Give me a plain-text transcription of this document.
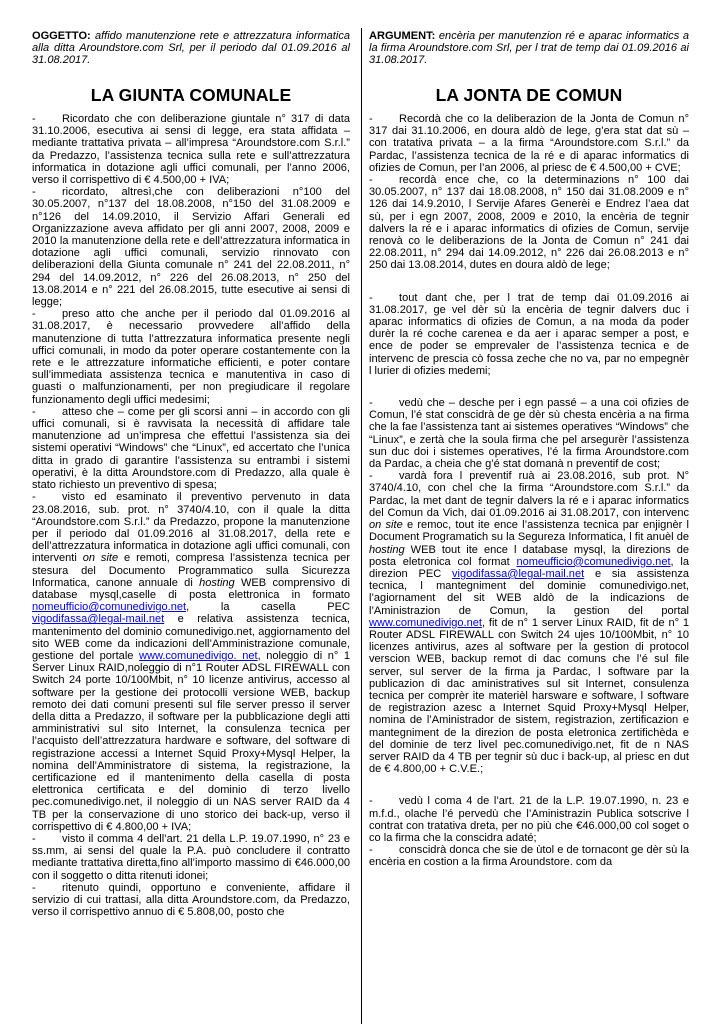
OGGETTO: affido manutenzione rete e attrezzatura informatica alla ditta Aroundstore.com Srl, per il periodo dal 01.09.2016 al 31.08.2017.
LA GIUNTA COMUNALE

- Ricordato che con deliberazione giuntale n° 317 di data 31.10.2006, esecutiva ai sensi di legge, era stata affidata – mediante trattativa privata – all’impresa “Aroundstore.com S.r.l.” da Predazzo, l’assistenza tecnica sulla rete e sull’attrezzatura informatica in dotazione agli uffici comunali, per l’anno 2006, verso il corrispettivo di € 4.500,00 + IVA;

- ricordato, altresì,che con deliberazioni n°100 del 30.05.2007, n°137 del 18.08.2008, n°150 del 31.08.2009 e n°126 del 14.09.2010, il Servizio Affari Generali ed Organizzazione aveva affidato per gli anni 2007, 2008, 2009 e 2010 la manutenzione della rete e dell’attrezzatura informatica in dotazione agli uffici comunali, servizio rinnovato con deliberazioni della Giunta comunale n° 241 del 22.08.2011, n° 294 del 14.09.2012, n° 226 del 26.08.2013, n° 250 del 13.08.2014 e n° 221 del 26.08.2015, tutte esecutive ai sensi di legge;

- preso atto che anche per il periodo dal 01.09.2016 al 31.08.2017, è necessario provvedere all’affido della manutenzione di tutta l’attrezzatura informatica presente negli uffici comunali, in modo da poter operare costantemente con la rete e le attrezzature informatiche efficienti, e poter contare sull’immediata assistenza tecnica e manutentiva in caso di guasti o malfunzionamenti, per non pregiudicare il regolare funzionamento degli uffici medesimi;

- atteso che – come per gli scorsi anni – in accordo con gli uffici comunali, si è ravvisata la necessità di affidare tale manutenzione ad un’impresa che effettui l’assistenza sia dei sistemi operativi “Windows” che “Linux”, ed accertato che l’unica ditta in grado di garantire l’assistenza su entrambi i sistemi operativi, è la ditta Aroundstore.com di Predazzo, alla quale è stato richiesto un preventivo di spesa;

- visto ed esaminato il preventivo pervenuto in data 23.08.2016, sub. prot. n° 3740/4.10, con il quale la ditta “Aroundstore.com S.r.l.” da Predazzo, propone la manutenzione per il periodo dal 01.09.2016 al 31.08.2017, della rete e dell’attrezzatura informatica in dotazione agli uffici comunali, con interventi on site e remoti, compresa l’assistenza tecnica per stesura del Documento Programmatico sulla Sicurezza Informatica, canone annuale di hosting WEB comprensivo di database mysql,caselle di posta elettronica in formato nomeufficio@comunedivigo.net, la casella PEC vigodifassa@legal-mail.net e relativa assistenza tecnica, mantenimento del dominio comunedivigo.net, aggiornamento del sito WEB come da indicazioni dell’Amministrazione comunale, gestione del portale www.comunedivigo. net, noleggio di n° 1 Server Linux RAID,noleggio di n°1 Router ADSL FIREWALL con Switch 24 porte 10/100Mbit, n° 10 licenze antivirus, accesso al software per la gestione dei protocolli versione WEB, backup remoto dei dati comuni presenti sul file server presso il server della ditta a Predazzo, il software per la pubblicazione degli atti amministrativi sul sito Internet, la consulenza tecnica per l’acquisto dell’attrezzatura hardware e software, del software di registrazione accessi a Internet Squid Proxy+Mysql Helper, la nomina dell’Amministratore di sistema, la registrazione, la certificazione ed il mantenimento della casella di posta elettronica certificata e del dominio di terzo livello pec.comunedivigo.net, il noleggio di un NAS server RAID da 4 TB per la conservazione di uno storico dei back-up, verso il corrispettivo di € 4.800,00 + IVA;

- visto il comma 4 dell’art. 21 della L.P. 19.07.1990, n° 23 e ss.mm, ai sensi del quale la P.A. può concludere il contratto mediante trattativa diretta,fino all’importo massimo di €46.000,00 con il soggetto o ditta ritenuti idonei;

- ritenuto quindi, opportuno e conveniente, affidare il servizio di cui trattasi, alla ditta Aroundstore.com, da Predazzo, verso il corrispettivo annuo di € 5.808,00, posto che

ARGUMENT: encèria per manutenzion ré e aparac informatics a la firma Aroundstore.com Srl, per l trat de temp dai 01.09.2016 ai 31.08.2017.
LA JONTA DE COMUN

- Recordà che co la deliberazion de la Jonta de Comun n° 317 dai 31.10.2006, en doura aldò de lege, g’era stat dat sù – con tratativa privata – a la firma “Aroundstore.com S.r.l.” da Pardac, l’assistenza tecnica de la ré e di aparac informatics di ofizies de Comun, per l’an 2006, al priesc de € 4.500,00 + CVE;

- recordà ence che, co la determinazions n° 100 dai 30.05.2007, n° 137 dai 18.08.2008, n° 150 dai 31.08.2009 e n° 126 dai 14.9.2010, l Servije Afares Generèi e Endrez l’aea dat sù, per i egn 2007, 2008, 2009 e 2010, la encèria de tegnir dalvers la ré e i aparac informatics di ofizies de Comun, servije renovà co le deliberazions de la Jonta de Comun n° 241 dai 22.08.2011, n° 294 dai 14.09.2012, n° 226 dai 26.08.2013 e n° 250 dai 13.08.2014, dutes en doura aldò de lege;

- tout dant che, per l trat de temp dai 01.09.2016 ai 31.08.2017, ge vel dèr sù la encèria de tegnir dalvers duc i aparac informatics di ofizies de Comun, a na moda da poder durèr la ré coche carenea e da aer i aparac semper a post, e ence de poder se emprevaler de l’assistenza tecnica e de intervenc de prescia cò fossa zeche che no va, par no empegnèr l lurier di ofizies medemi;

- vedù che – desche per i egn passé – a una coi ofizies de Comun, l’é stat conscidrà de ge dèr sù chesta encèria a na firma che la fae l’assistenza tant ai sistemes operatives “Windows” che “Linux”, e zertà che la soula firma che pel arsegurèr l’assistenza sun duc doi i sistemes operatives, l’é la firma Aroundstore.com da Pardac, a cheia che g’é stat domanà n preventif de cost;

- vardà fora l preventif ruà ai 23.08.2016, sub prot. N° 3740/4.10, con chel che la firma “Aroundstore.com S.r.l.” da Pardac, la met dant de tegnir dalvers la ré e i aparac informatics del Comun da Vich, dai 01.09.2016 ai 31.08.2017, con intervenc on site e remoc, tout ite ence l’assistenza tecnica par enjignèr l Document Programatich su la Segureza Informatica, l fit anuèl de hosting WEB tout ite ence l database mysql, la direzions de posta eletronica col format nomeufficio@comunedivigo.net, la direzion PEC vigodifassa@legal-mail.net e sia assistenza tecnica, l mantegniment del dominie comunedivigo.net, l’agiornament del sit WEB aldò de la indicazions de l’Aministrazion de Comun, la gestion del portal www.comunedivigo.net, fit de n° 1 server Linux RAID, fit de n° 1 Router ADSL FIREWALL con Switch 24 ujes 10/100Mbit, n° 10 licenzes antivirus, azes al software per la gestion di protocol verscion WEB, backup remot di dac comuns che l’é sul file server, sul server de la firma ja Pardac, l software par la publicazion di dac aministratives sul sit Internet, consulenza tecnica per comprèr ite materièl harsware e software, l software de registrazion azesc a Internet Squid Proxy+Mysql Helper, nomina de l’Aministrador de sistem, registrazion, zertificazion e mantegniment de la direzion de posta eletronica zertifichèda e del dominie de terz livel pec.comunedivigo.net, fit de n NAS server RAID da 4 TB per tegnir sù duc i back-up, al priesc en dut de € 4.800,00 + C.V.E.;

- vedù l coma 4 de l’art. 21 de la L.P. 19.07.1990, n. 23 e m.f.d., olache l’é pervedù che l’Aministrazin Publica sotscrive l contrat con tratativa dreta, per no più che €46.000,00 col soget o co la firma che la conscidra adaté;

- conscidrà donca che sie de ùtol e de tornacont ge dèr sù la encèria en costion a la firma Aroundstore. com da
